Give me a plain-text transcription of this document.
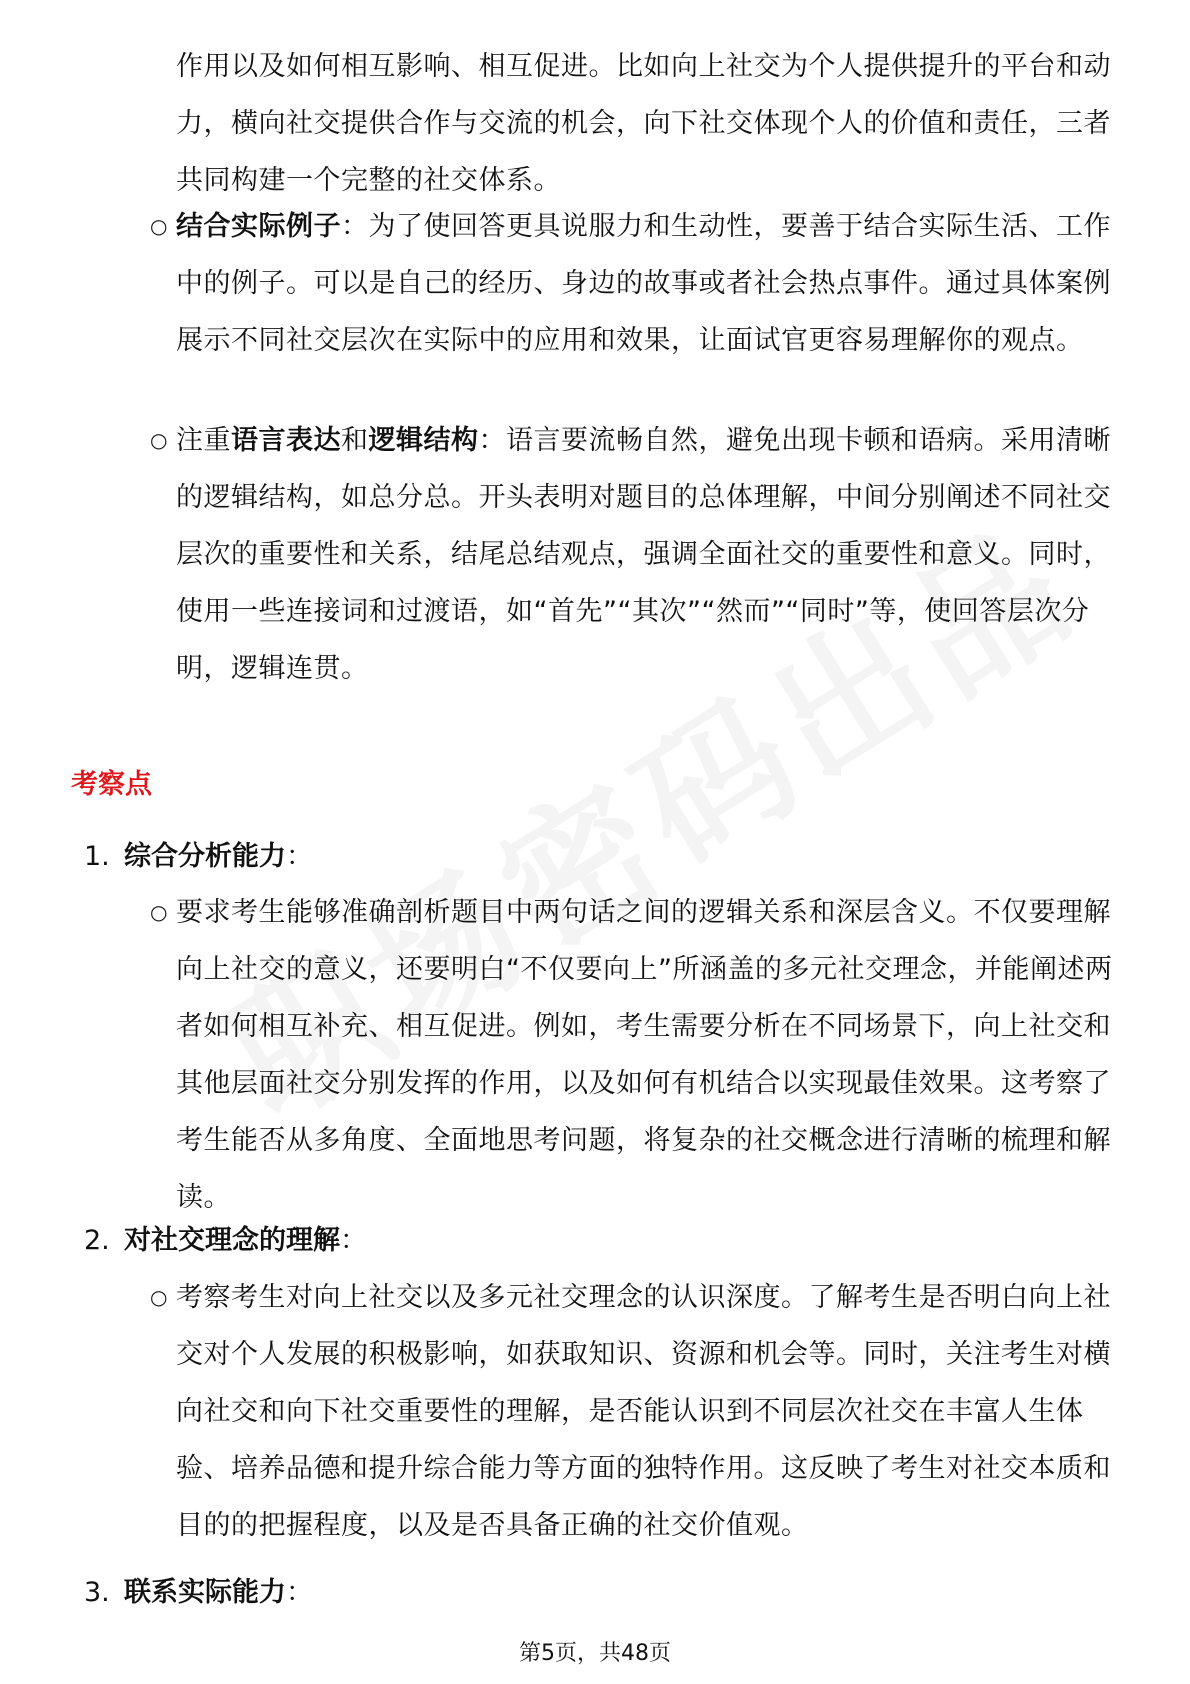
作用以及如何相互影响、相互促进。比如向上社交为个人提供提升的平台和动力，横向社交提供合作与交流的机会，向下社交体现个人的价值和责任，三者共同构建一个完整的社交体系。
○ 结合实际例子：为了使回答更具说服力和生动性，要善于结合实际生活、工作中的例子。可以是自己的经历、身边的故事或者社会热点事件。通过具体案例展示不同社交层次在实际中的应用和效果，让面试官更容易理解你的观点。
○ 注重语言表达和逻辑结构：语言要流畅自然，避免出现卡顿和语病。采用清晰的逻辑结构，如总分总。开头表明对题目的总体理解，中间分别阐述不同社交层次的重要性和关系，结尾总结观点，强调全面社交的重要性和意义。同时，使用一些连接词和过渡语，如“首先”“其次”“然而”“同时”等，使回答层次分明，逻辑连贯。
考察点
1. 综合分析能力：
○ 要求考生能够准确剖析题目中两句话之间的逻辑关系和深层含义。不仅要理解向上社交的意义，还要明白“不仅要向上”所涵盖的多元社交理念，并能阐述两者如何相互补充、相互促进。例如，考生需要分析在不同场景下，向上社交和其他层面社交分别发挥的作用，以及如何有机结合以实现最佳效果。这考察了考生能否从多角度、全面地思考问题，将复杂的社交概念进行清晰的梳理和解读。
2. 对社交理念的理解：
○ 考察考生对向上社交以及多元社交理念的认识深度。了解考生是否明白向上社交对个人发展的积极影响，如获取知识、资源和机会等。同时，关注考生对横向社交和向下社交重要性的理解，是否能认识到不同层次社交在丰富人生体验、培养品德和提升综合能力等方面的独特作用。这反映了考生对社交本质和目的的把握程度，以及是否具备正确的社交价值观。
3. 联系实际能力：
第5页，共48页
